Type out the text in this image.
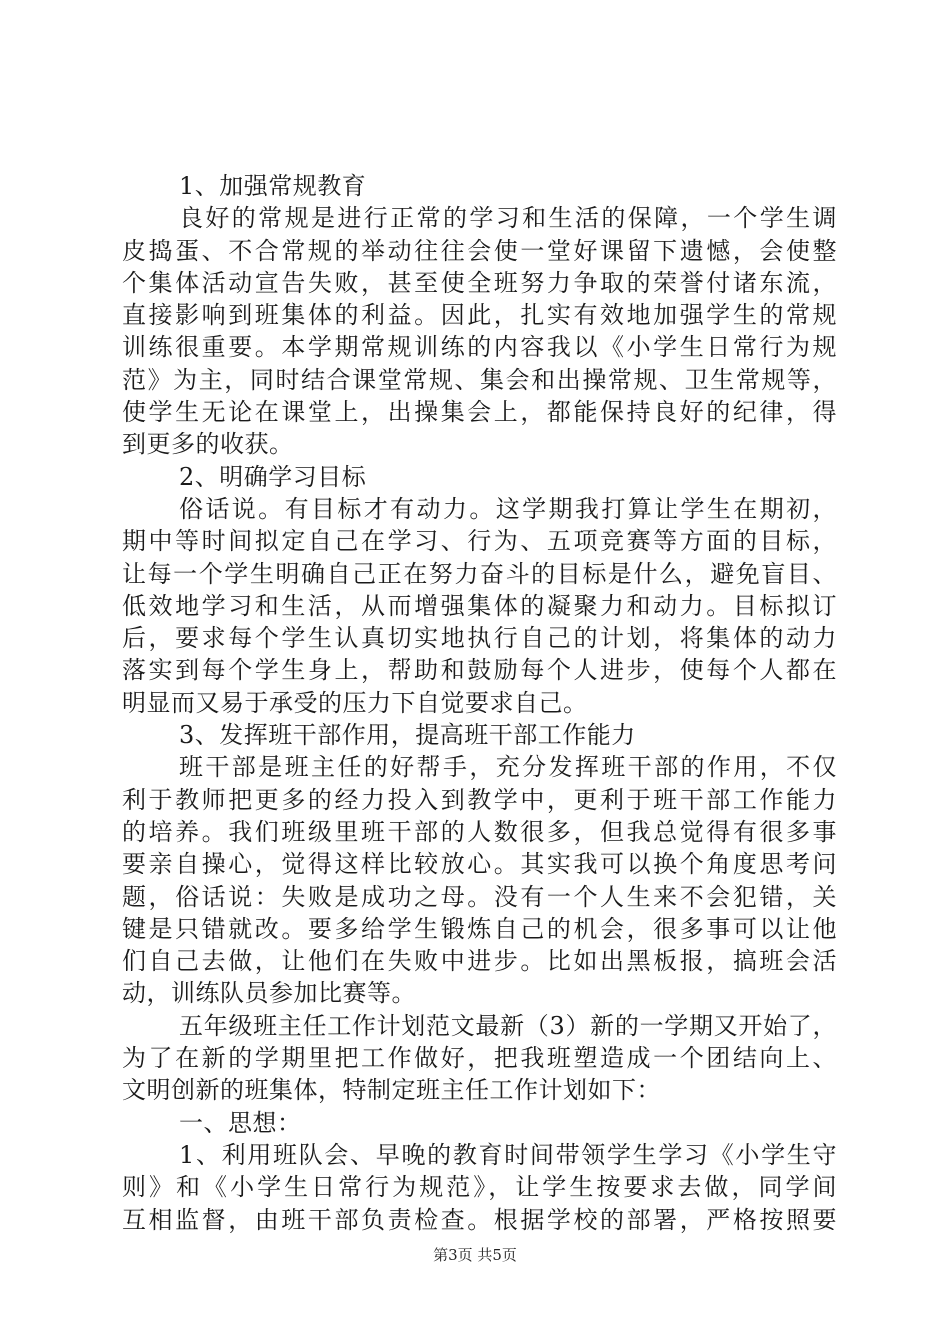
1、加强常规教育
良好的常规是进行正常的学习和生活的保障，一个学生调
皮捣蛋、不合常规的举动往往会使一堂好课留下遗憾，会使整
个集体活动宣告失败，甚至使全班努力争取的荣誉付诸东流，
直接影响到班集体的利益。因此，扎实有效地加强学生的常规
训练很重要。本学期常规训练的内容我以《小学生日常行为规
范》为主，同时结合课堂常规、集会和出操常规、卫生常规等，
使学生无论在课堂上，出操集会上，都能保持良好的纪律，得
到更多的收获。
2、明确学习目标
俗话说。有目标才有动力。这学期我打算让学生在期初，
期中等时间拟定自己在学习、行为、五项竞赛等方面的目标，
让每一个学生明确自己正在努力奋斗的目标是什么，避免盲目、
低效地学习和生活，从而增强集体的凝聚力和动力。目标拟订
后，要求每个学生认真切实地执行自己的计划，将集体的动力
落实到每个学生身上，帮助和鼓励每个人进步，使每个人都在
明显而又易于承受的压力下自觉要求自己。
3、发挥班干部作用，提高班干部工作能力
班干部是班主任的好帮手，充分发挥班干部的作用，不仅
利于教师把更多的经力投入到教学中，更利于班干部工作能力
的培养。我们班级里班干部的人数很多，但我总觉得有很多事
要亲自操心，觉得这样比较放心。其实我可以换个角度思考问
题，俗话说：失败是成功之母。没有一个人生来不会犯错，关
键是只错就改。要多给学生锻炼自己的机会，很多事可以让他
们自己去做，让他们在失败中进步。比如出黑板报，搞班会活
动，训练队员参加比赛等。
五年级班主任工作计划范文最新（3）新的一学期又开始了，
为了在新的学期里把工作做好，把我班塑造成一个团结向上、
文明创新的班集体，特制定班主任工作计划如下：
一、思想：
1、利用班队会、早晚的教育时间带领学生学习《小学生守
则》和《小学生日常行为规范》，让学生按要求去做，同学间
互相监督，由班干部负责检查。根据学校的部署，严格按照要
第3页 共5页
